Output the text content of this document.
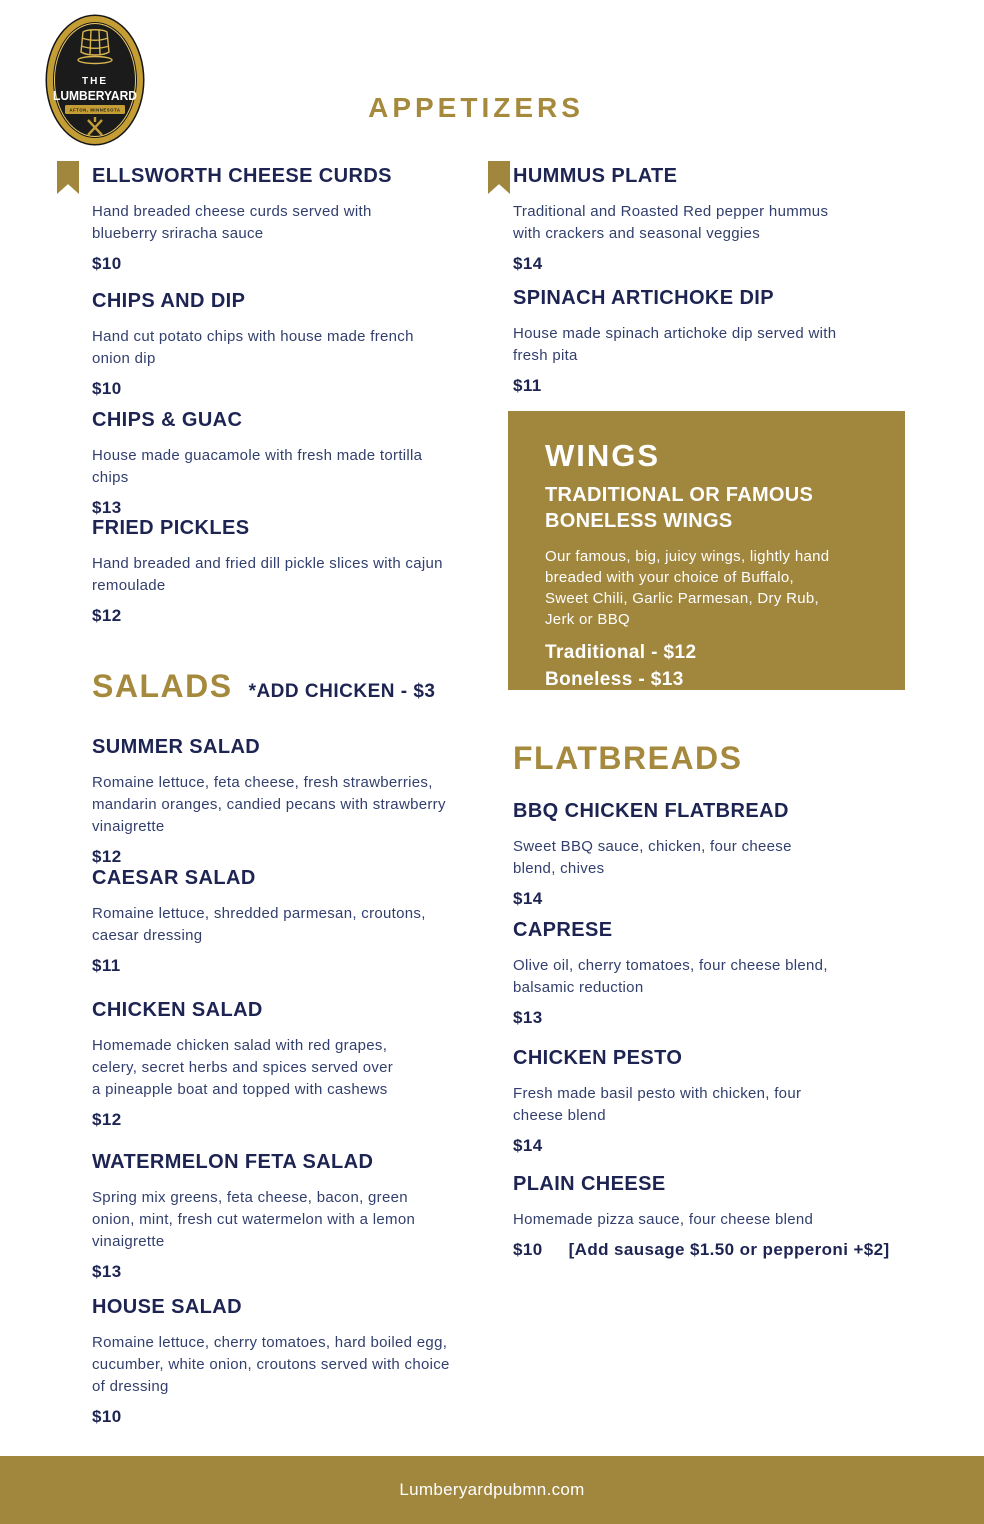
THE
LUMBERYARD
AFTON, MINNESOTA	APPETIZERS
ELLSWORTH CHEESE CURDS

Hand breaded cheese curds served with blueberry sriracha sauce

$10
CHIPS AND DIP

Hand cut potato chips with house made french onion dip

$10
CHIPS & GUAC

House made guacamole with fresh made tortilla chips

$13
FRIED PICKLES

Hand breaded and fried dill pickle slices with cajun remoulade

$12
HUMMUS PLATE

Traditional and Roasted Red pepper hummus with crackers and seasonal veggies

$14
SPINACH ARTICHOKE DIP

House made spinach artichoke dip served with fresh pita

$11
WINGS
TRADITIONAL OR FAMOUS BONELESS WINGS

Our famous, big, juicy wings, lightly hand breaded with your choice of Buffalo, Sweet Chili, Garlic Parmesan, Dry Rub, Jerk or BBQ

Traditional - $12
Boneless - $13
SALADS *ADD CHICKEN - $3
SUMMER SALAD

Romaine lettuce, feta cheese, fresh strawberries, mandarin oranges, candied pecans with strawberry vinaigrette

$12
CAESAR SALAD

Romaine lettuce, shredded parmesan, croutons, caesar dressing

$11
CHICKEN SALAD

Homemade chicken salad with red grapes, celery, secret herbs and spices served over a pineapple boat and topped with cashews

$12
WATERMELON FETA SALAD

Spring mix greens, feta cheese, bacon, green onion, mint, fresh cut watermelon with a lemon vinaigrette

$13
HOUSE SALAD

Romaine lettuce, cherry tomatoes, hard boiled egg, cucumber, white onion, croutons served with choice of dressing

$10
FLATBREADS
BBQ CHICKEN FLATBREAD

Sweet BBQ sauce, chicken, four cheese blend, chives

$14
CAPRESE

Olive oil, cherry tomatoes, four cheese blend, balsamic reduction

$13
CHICKEN PESTO

Fresh made basil pesto with chicken, four cheese blend

$14
PLAIN CHEESE

Homemade pizza sauce, four cheese blend

$10 [Add sausage $1.50 or pepperoni +$2]
Lumberyardpubmn.com
